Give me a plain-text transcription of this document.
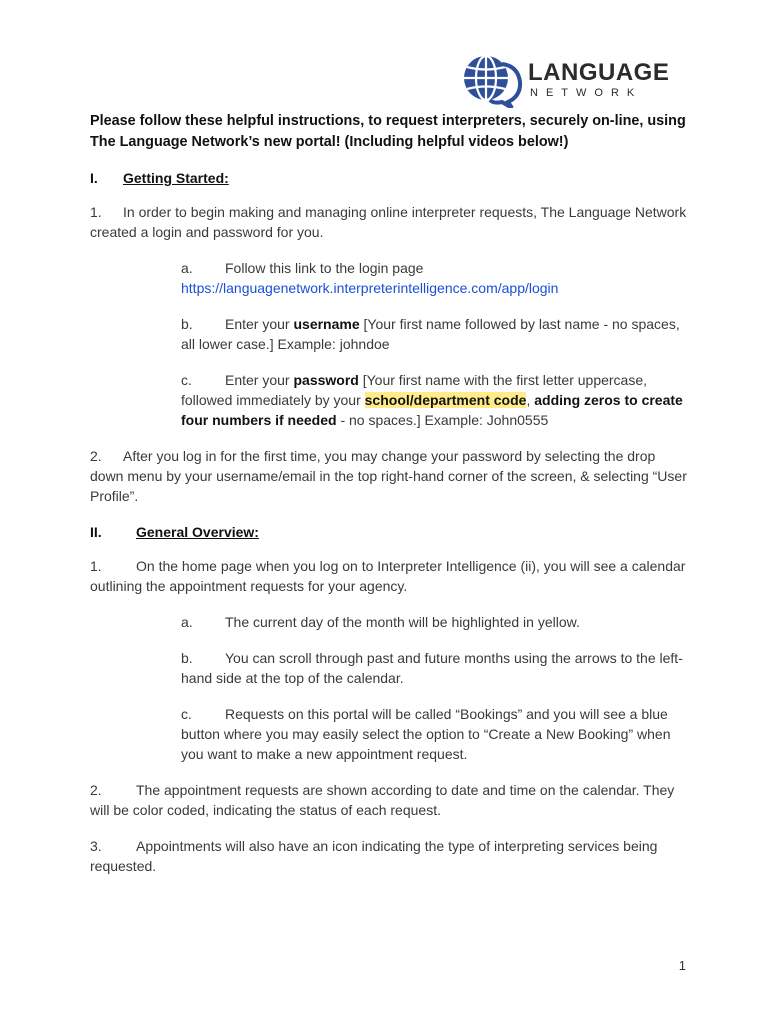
LANGUAGE
NETWORK
Please follow these helpful instructions, to request interpreters, securely on-line, using The Language Network’s new portal! (Including helpful videos below!)
I. Getting Started:
1. In order to begin making and managing online interpreter requests, The Language Network created a login and password for you.
a. Follow this link to the login page
https://languagenetwork.interpreterintelligence.com/app/login
b. Enter your username [Your first name followed by last name - no spaces, all lower case.] Example: johndoe
c. Enter your password [Your first name with the first letter uppercase, followed immediately by your school/department code, adding zeros to create four numbers if needed - no spaces.] Example: John0555
2. After you log in for the first time, you may change your password by selecting the drop down menu by your username/email in the top right-hand corner of the screen, & selecting “User Profile”.
II. General Overview:
1. On the home page when you log on to Interpreter Intelligence (ii), you will see a calendar outlining the appointment requests for your agency.
a. The current day of the month will be highlighted in yellow.
b. You can scroll through past and future months using the arrows to the left-hand side at the top of the calendar.
c. Requests on this portal will be called “Bookings” and you will see a blue button where you may easily select the option to “Create a New Booking” when you want to make a new appointment request.
2. The appointment requests are shown according to date and time on the calendar. They will be color coded, indicating the status of each request.
3. Appointments will also have an icon indicating the type of interpreting services being requested.
1
